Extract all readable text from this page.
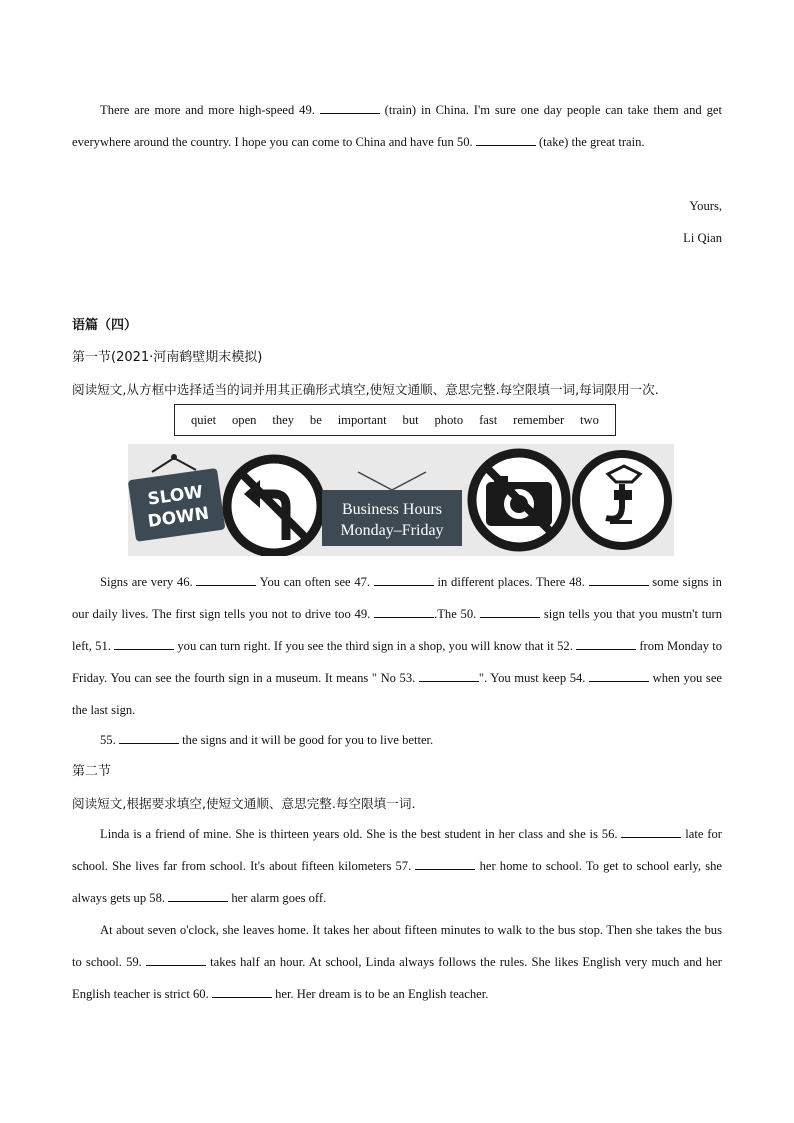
There are more and more high-speed 49.	(train) in China. I'm sure one day people can take them and get everywhere around the country. I hope you can come to China and have fun 50.	(take) the great train.

Yours,
Li Qian
语篇（四）
第一节(2021·河南鹤壁期末模拟)
阅读短文,从方框中选择适当的词并用其正确形式填空,使短文通顺、意思完整.每空限填一词,每词限用一次.
quiet open they be important but photo fast remember two
SLOW
DOWN	Business Hours
Monday–Friday

Signs are very 46.	You can often see 47.	in different places. There 48.	some signs in our daily lives. The first sign tells you not to drive too 49.	.The 50.	sign tells you that you mustn't turn left, 51.	you can turn right. If you see the third sign in a shop, you will know that it 52.	from Monday to Friday. You can see the fourth sign in a museum. It means " No 53.	". You must keep 54.	when you see the last sign.

55.	the signs and it will be good for you to live better.

第二节
阅读短文,根据要求填空,使短文通顺、意思完整.每空限填一词.

Linda is a friend of mine. She is thirteen years old. She is the best student in her class and she is 56.	late for school. She lives far from school. It's about fifteen kilometers 57.	her home to school. To get to school early, she always gets up 58.	her alarm goes off.

At about seven o'clock, she leaves home. It takes her about fifteen minutes to walk to the bus stop. Then she takes the bus to school. 59.	takes half an hour. At school, Linda always follows the rules. She likes English very much and her English teacher is strict 60.	her. Her dream is to be an English teacher.
